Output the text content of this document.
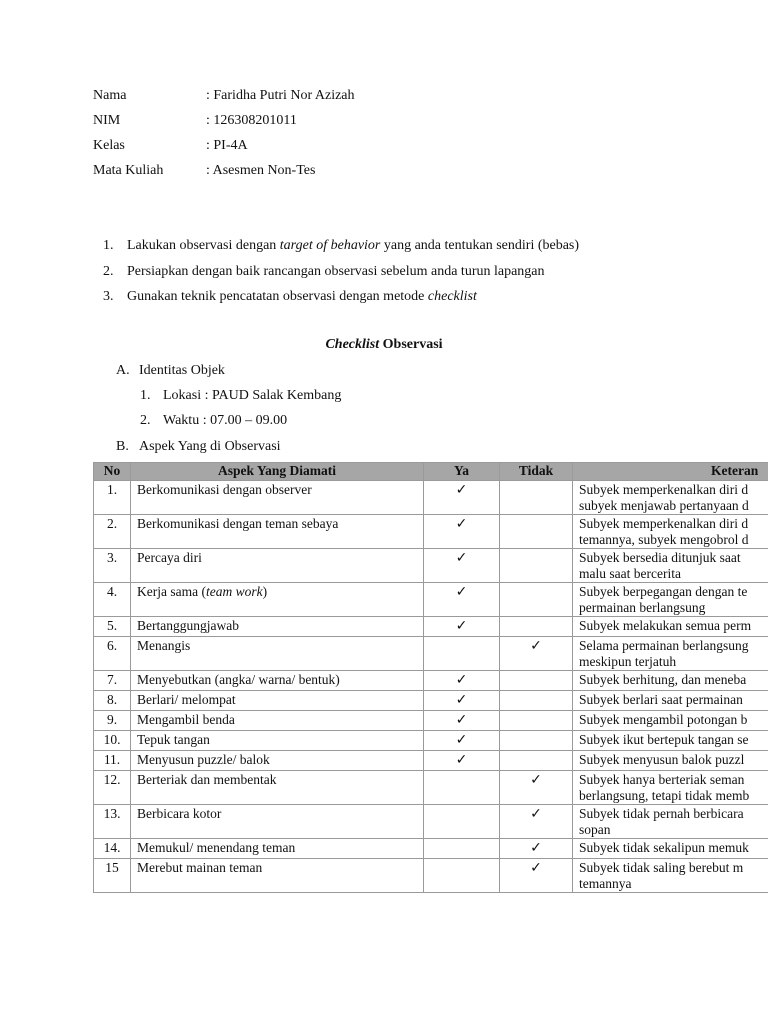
Nama	: Faridha Putri Nor Azizah
NIM	: 126308201011
Kelas	: PI-4A
Mata Kuliah	: Asesmen Non-Tes
1. Lakukan observasi dengan target of behavior yang anda tentukan sendiri (bebas)
2. Persiapkan dengan baik rancangan observasi sebelum anda turun lapangan
3. Gunakan teknik pencatatan observasi dengan metode checklist
Checklist Observasi
A. Identitas Objek
1. Lokasi : PAUD Salak Kembang
2. Waktu : 07.00 – 09.00
B. Aspek Yang di Observasi
No	Aspek Yang Diamati	Ya	Tidak	Keteran
1.	Berkomunikasi dengan observer	✓		Subyek memperkenalkan diri d
subyek menjawab pertanyaan d

2.	Berkomunikasi dengan teman sebaya	✓		Subyek memperkenalkan diri d
temannya, subyek mengobrol d

3.	Percaya diri	✓		Subyek bersedia ditunjuk saat
malu saat bercerita

4.	Kerja sama (team work)	✓		Subyek berpegangan dengan te
permainan berlangsung

5.	Bertanggungjawab	✓		Subyek melakukan semua perm

6.	Menangis		✓	Selama permainan berlangsung
meskipun terjatuh

7.	Menyebutkan (angka/ warna/ bentuk)	✓		Subyek berhitung, dan meneba

8.	Berlari/ melompat	✓		Subyek berlari saat permainan

9.	Mengambil benda	✓		Subyek mengambil potongan b

10.	Tepuk tangan	✓		Subyek ikut bertepuk tangan se

11.	Menyusun puzzle/ balok	✓		Subyek menyusun balok puzzl

12.	Berteriak dan membentak		✓	Subyek hanya berteriak seman
berlangsung, tetapi tidak memb

13.	Berbicara kotor		✓	Subyek tidak pernah berbicara
sopan

14.	Memukul/ menendang teman		✓	Subyek tidak sekalipun memuk

15	Merebut mainan teman		✓	Subyek tidak saling berebut m
temannya
